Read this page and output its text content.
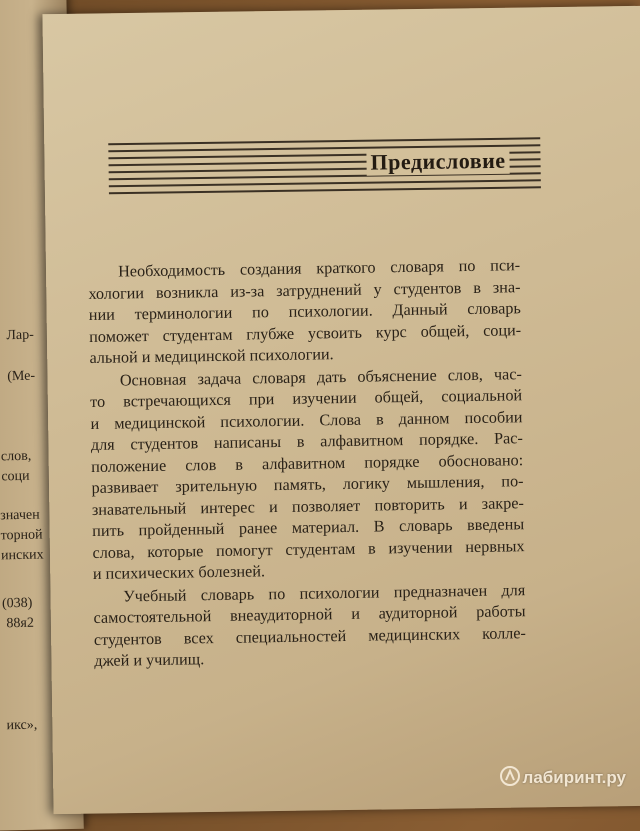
Лар-
(Ме-
слов,
соци
значен
торной
инских
(038)
88я2
икс»,
Предисловие
Необходимость создания краткого словаря по пси-
хологии возникла из-за затруднений у студентов в зна-
нии терминологии по психологии. Данный словарь
поможет студентам глубже усвоить курс общей, соци-
альной и медицинской психологии.
Основная задача словаря дать объяснение слов, час-
то встречающихся при изучении общей, социальной
и медицинской психологии. Слова в данном пособии
для студентов написаны в алфавитном порядке. Рас-
положение слов в алфавитном порядке обосновано:
развивает зрительную память, логику мышления, по-
знавательный интерес и позволяет повторить и закре-
пить пройденный ранее материал. В словарь введены
слова, которые помогут студентам в изучении нервных
и психических болезней.
Учебный словарь по психологии предназначен для
самостоятельной внеаудиторной и аудиторной работы
студентов всех специальностей медицинских колле-
джей и училищ.
лабиринт.ру
